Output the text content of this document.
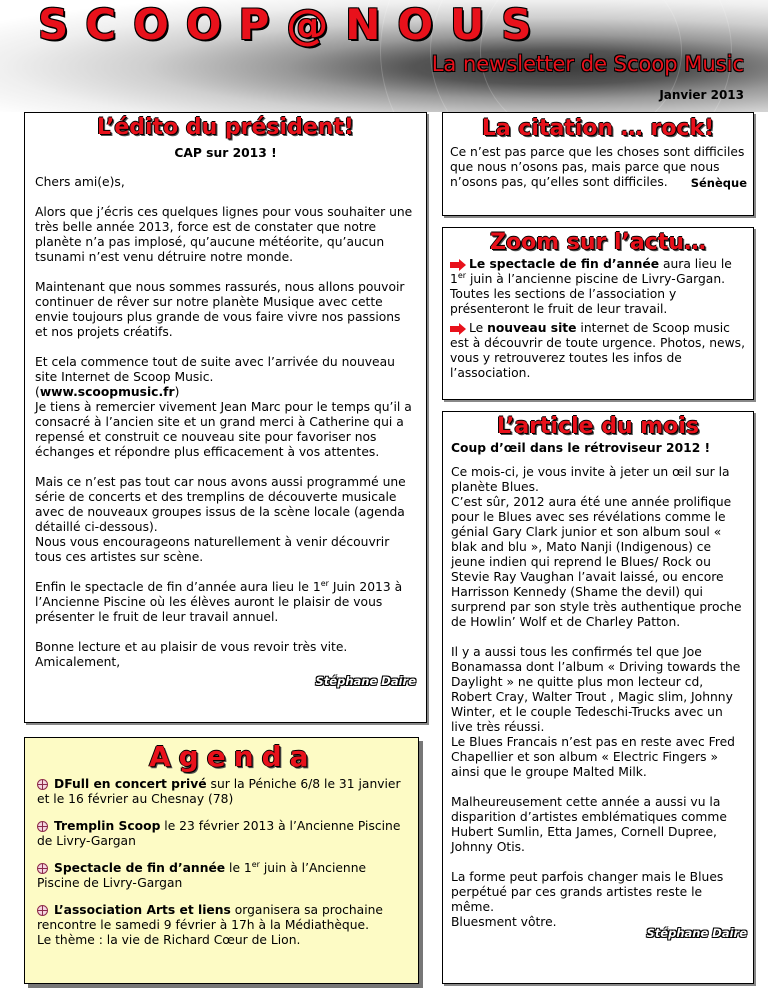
SCOOP@NOUS
La newsletter de Scoop Music
Janvier 2013
L’édito du président!
CAP sur 2013 !

Chers ami(e)s,

Alors que j’écris ces quelques lignes pour vous souhaiter une très belle année 2013, force est de constater que notre planète n’a pas implosé, qu’aucune météorite, qu’aucun tsunami n’est venu détruire notre monde.

Maintenant que nous sommes rassurés, nous allons pouvoir continuer de rêver sur notre planète Musique avec cette envie toujours plus grande de vous faire vivre nos passions et nos projets créatifs.

Et cela commence tout de suite avec l’arrivée du nouveau site Internet de Scoop Music.
(www.scoopmusic.fr)
Je tiens à remercier vivement Jean Marc pour le temps qu’il a consacré à l’ancien site et un grand merci à Catherine qui a repensé et construit ce nouveau site pour favoriser nos échanges et répondre plus efficacement à vos attentes.

Mais ce n’est pas tout car nous avons aussi programmé une série de concerts et des tremplins de découverte musicale avec de nouveaux groupes issus de la scène locale (agenda détaillé ci-dessous).
Nous vous encourageons naturellement à venir découvrir tous ces artistes sur scène.

Enfin le spectacle de fin d’année aura lieu le 1er Juin 2013 à l’Ancienne Piscine où les élèves auront le plaisir de vous présenter le fruit de leur travail annuel.

Bonne lecture et au plaisir de vous revoir très vite.
Amicalement,

Stéphane Daire
Agenda

DFull en concert privé sur la Péniche 6/8 le 31 janvier et le 16 février au Chesnay (78)

Tremplin Scoop le 23 février 2013 à l’Ancienne Piscine de Livry-Gargan

Spectacle de fin d’année le 1er juin à l’Ancienne Piscine de Livry-Gargan

L’association Arts et liens organisera sa prochaine rencontre le samedi 9 février à 17h à la Médiathèque.
Le thème : la vie de Richard Cœur de Lion.

La citation … rock!
Ce n’est pas parce que les choses sont difficiles que nous n’osons pas, mais parce que nous n’osons pas, qu’elles sont difficiles.	Sénèque
Zoom sur l’actu…

Le spectacle de fin d’année aura lieu le 1er juin à l’ancienne piscine de Livry-Gargan. Toutes les sections de l’association y présenteront le fruit de leur travail.

Le nouveau site internet de Scoop music est à découvrir de toute urgence. Photos, news, vous y retrouverez toutes les infos de l’association.

L’article du mois
Coup d’œil dans le rétroviseur 2012 !

Ce mois-ci, je vous invite à jeter un œil sur la planète Blues.
C’est sûr, 2012 aura été une année prolifique pour le Blues avec ses révélations comme le génial Gary Clark junior et son album soul « blak and blu », Mato Nanji (Indigenous) ce jeune indien qui reprend le Blues/ Rock ou Stevie Ray Vaughan l’avait laissé, ou encore Harrisson Kennedy (Shame the devil) qui surprend par son style très authentique proche de Howlin’ Wolf et de Charley Patton.

Il y a aussi tous les confirmés tel que Joe Bonamassa dont l’album « Driving towards the Daylight » ne quitte plus mon lecteur cd, Robert Cray, Walter Trout , Magic slim, Johnny Winter, et le couple Tedeschi-Trucks avec un live très réussi.
Le Blues Francais n’est pas en reste avec Fred Chapellier et son album « Electric Fingers » ainsi que le groupe Malted Milk.

Malheureusement cette année a aussi vu la disparition d’artistes emblématiques comme Hubert Sumlin, Etta James, Cornell Dupree, Johnny Otis.

La forme peut parfois changer mais le Blues perpétué par ces grands artistes reste le même.
Bluesment vôtre.

Stéphane Daire
